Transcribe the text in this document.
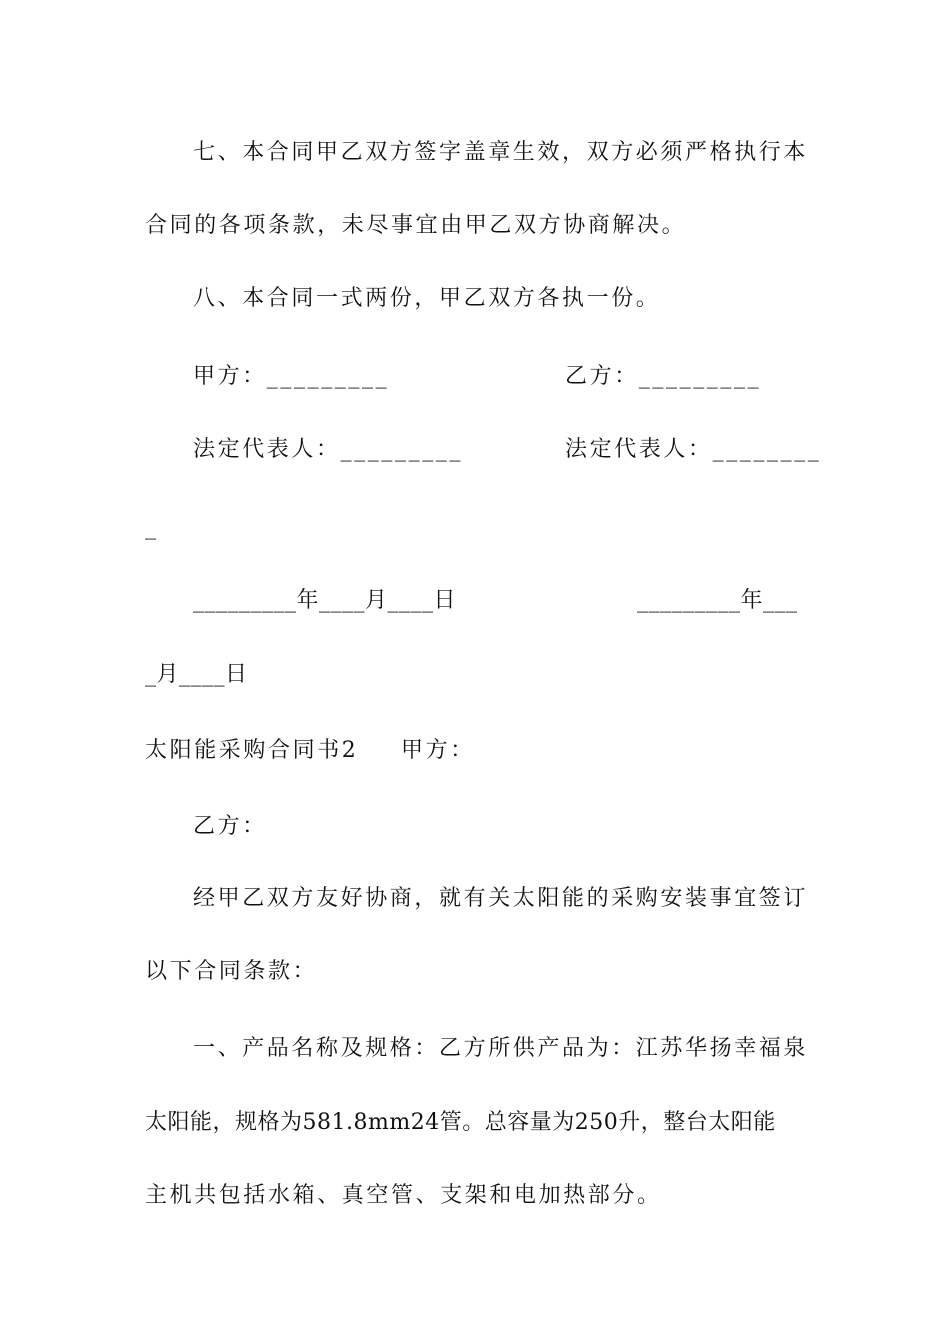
七、本合同甲乙双方签字盖章生效，双方必须严格执行本
合同的各项条款，未尽事宜由甲乙双方协商解决。
八、本合同一式两份，甲乙双方各执一份。
甲方：_________	乙方：_________
法定代表人：_________	法定代表人：________
_
_________年____月____日	_________年___
_月____日
太阳能采购合同书2 甲方：
乙方：
经甲乙双方友好协商，就有关太阳能的采购安装事宜签订
以下合同条款：
一、产品名称及规格：乙方所供产品为：江苏华扬幸福泉
太阳能，规格为581.8mm24管。总容量为250升，整台太阳能
主机共包括水箱、真空管、支架和电加热部分。
